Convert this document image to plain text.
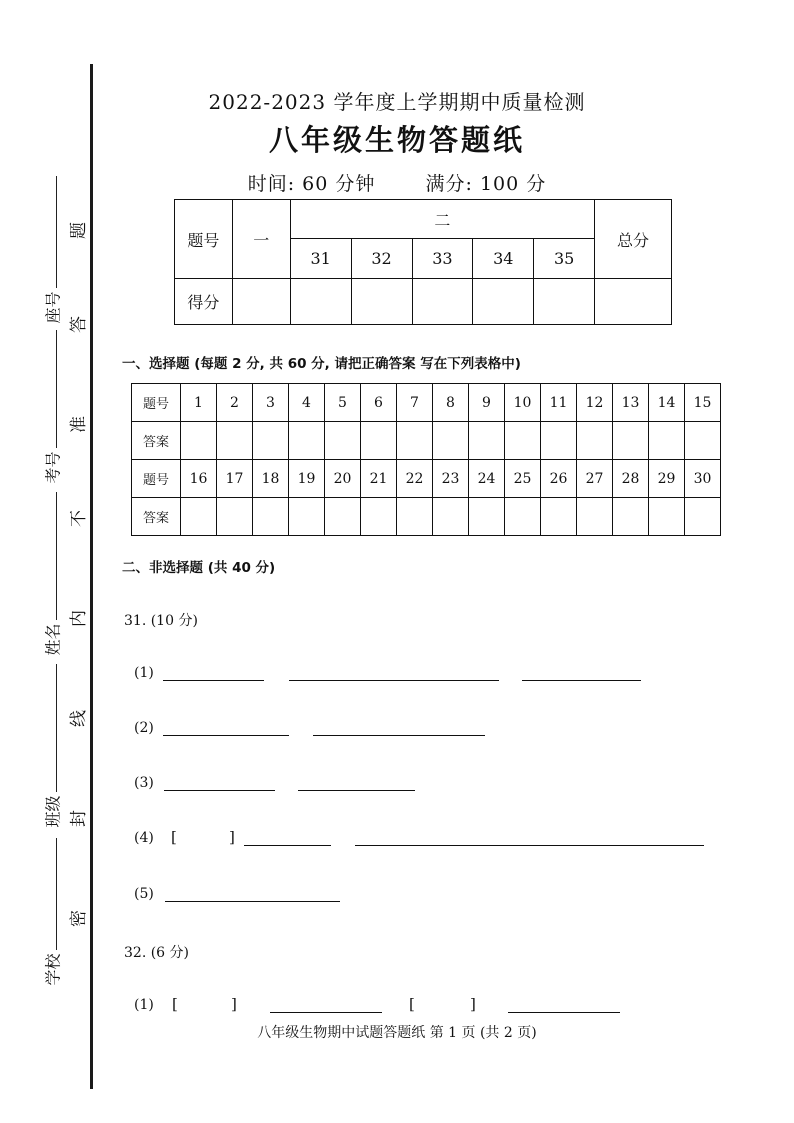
座号
考号
姓名
班级
学校
题
答
准
不
内
线
封
密
2022-2023 学年度上学期期中质量检测
八年级生物答题纸
时间: 60 分钟	满分: 100 分
题号	一	二					总分
		31	32	33	34	35	
得分							
一、选择题 (每题 2 分, 共 60 分, 请把正确答案 写在下列表格中)
题号	1	2	3	4	5	6	7	8	9	10	11	12	13	14	15
答案															
题号	16	17	18	19	20	21	22	23	24	25	26	27	28	29	30
答案															
二、非选择题 (共 40 分)
31. (10 分)
(1)
(2)
(3)
(4) [	]
(5)
32. (6 分)
(1) [	]	[	]
八年级生物期中试题答题纸 第 1 页 (共 2 页)
